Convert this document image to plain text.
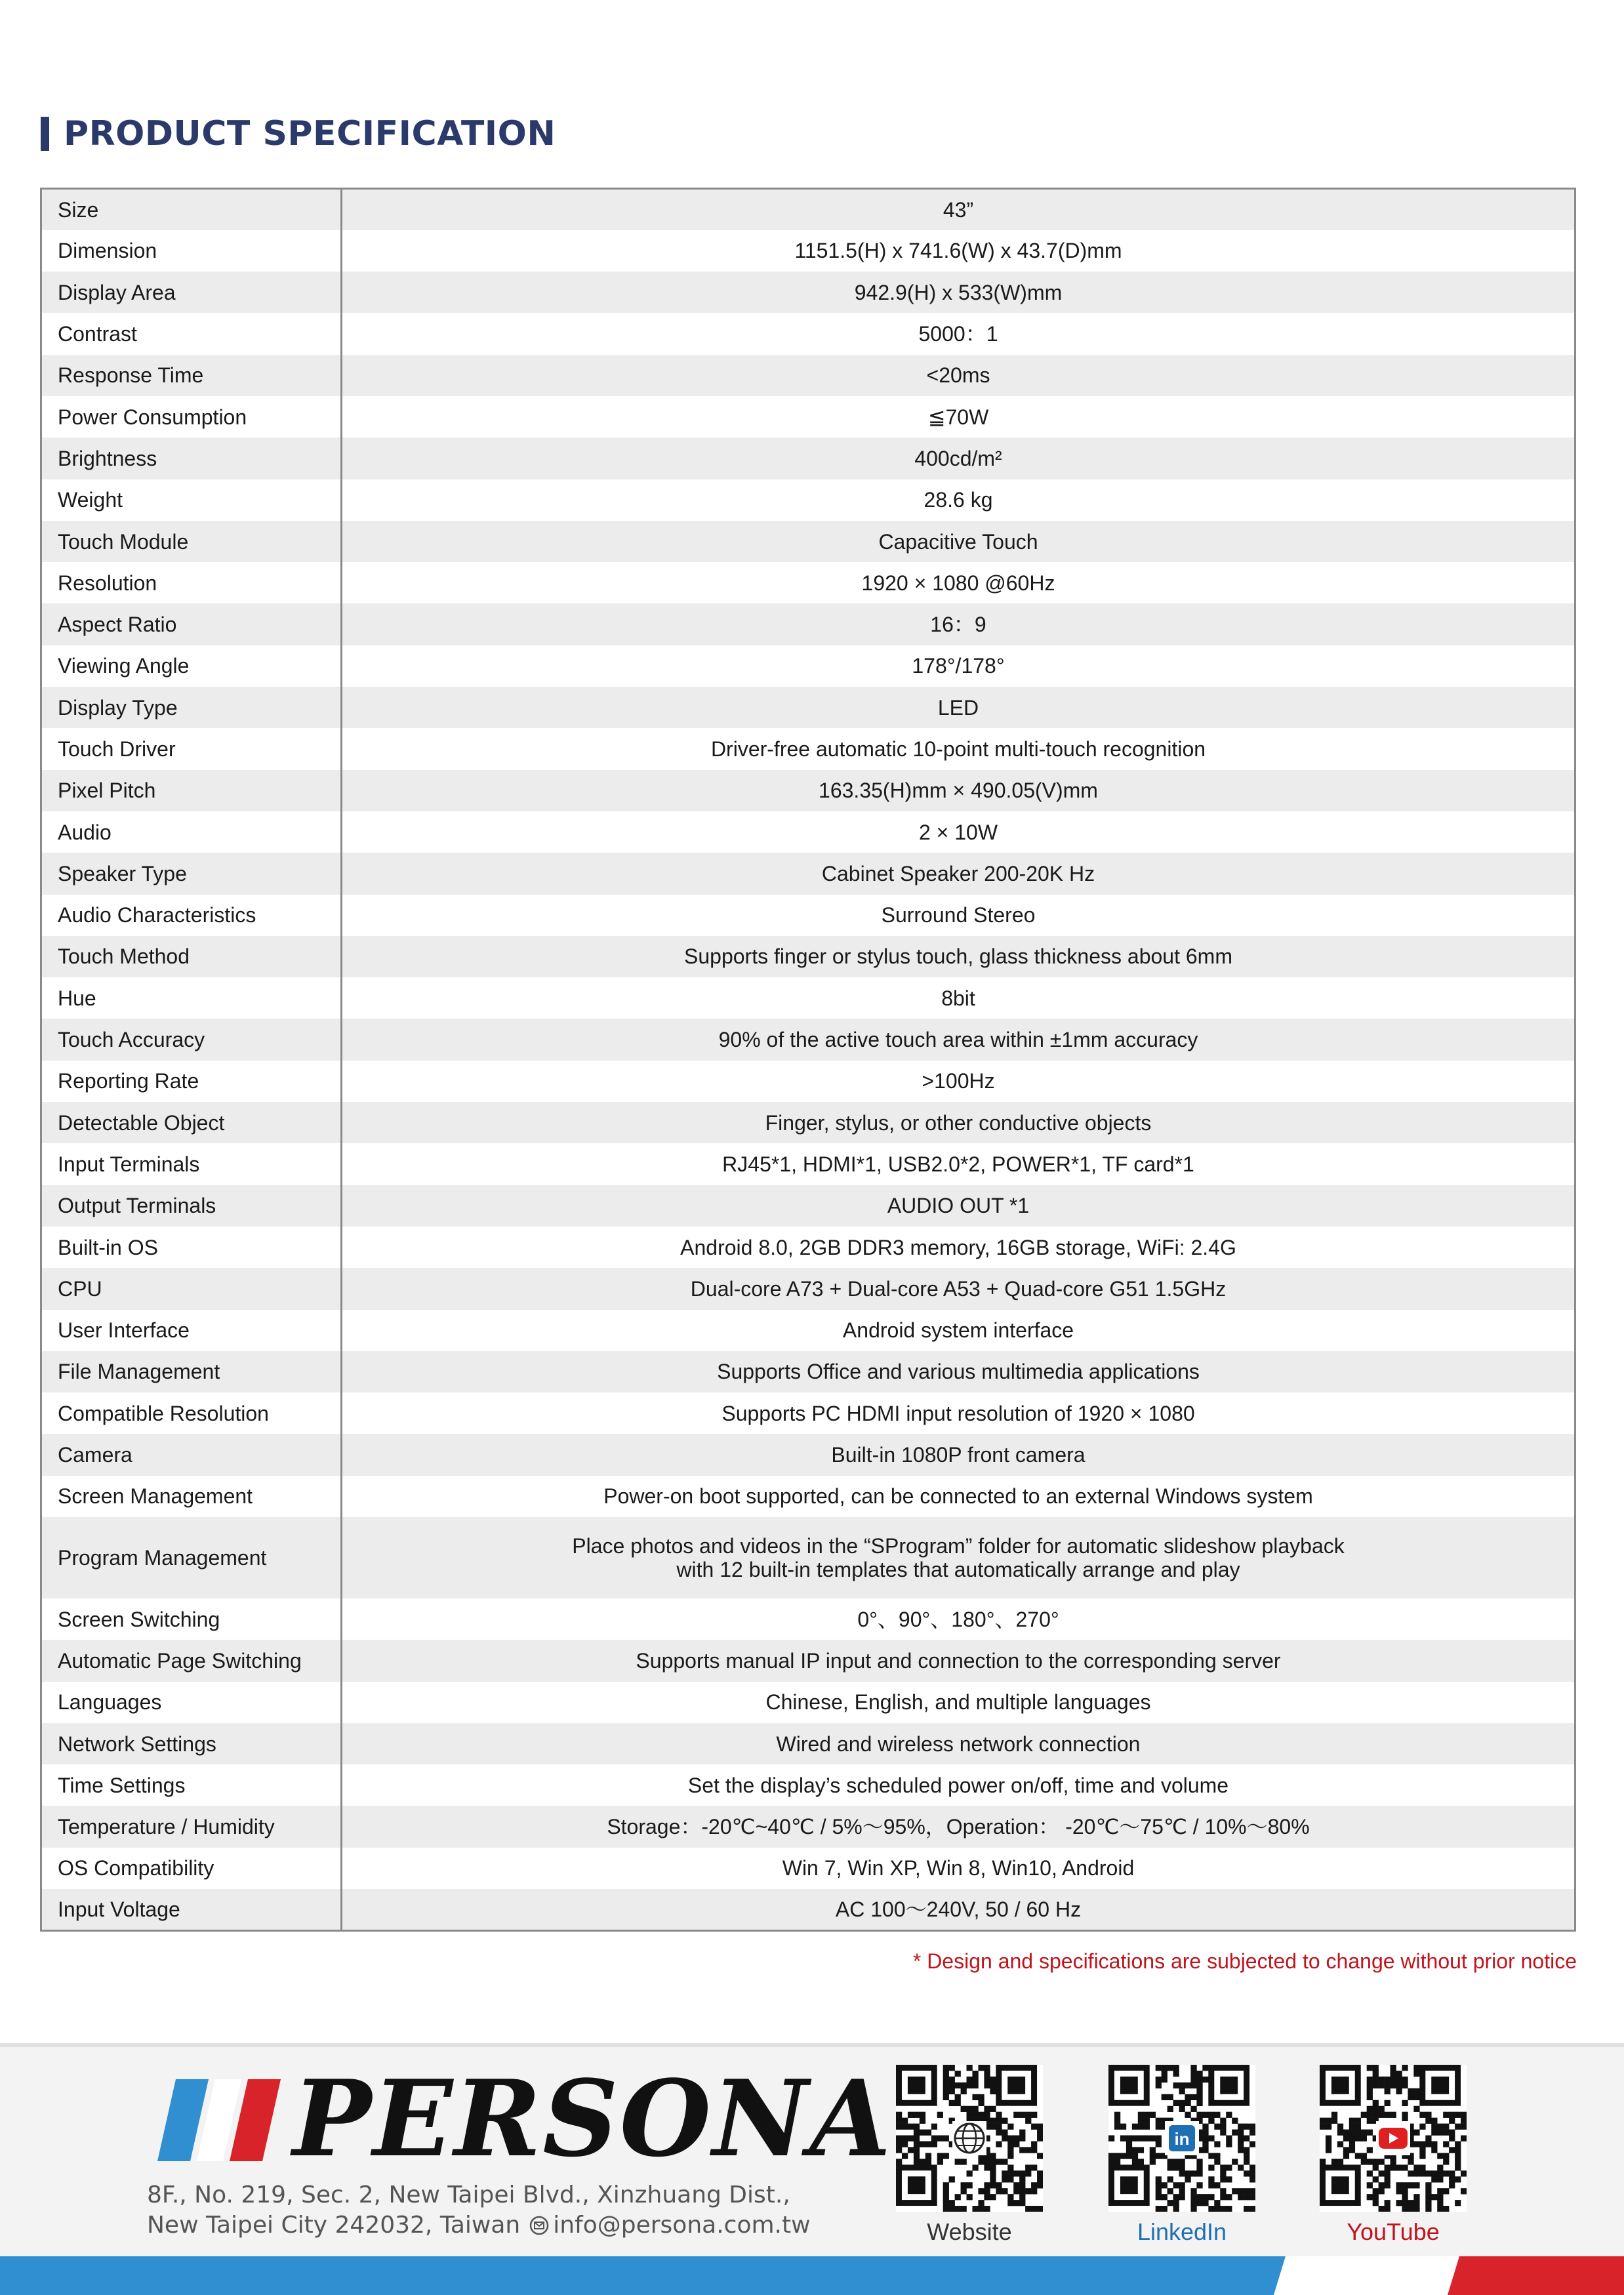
PRODUCT SPECIFICATION
Size	43”
Dimension	1151.5(H) x 741.6(W) x 43.7(D)mm
Display Area	942.9(H) x 533(W)mm
Contrast	5000：1
Response Time	<20ms
Power Consumption	≦70W
Brightness	400cd/m²
Weight	28.6 kg
Touch Module	Capacitive Touch
Resolution	1920 × 1080 @60Hz
Aspect Ratio	16：9
Viewing Angle	178°/178°
Display Type	LED
Touch Driver	Driver-free automatic 10-point multi-touch recognition
Pixel Pitch	163.35(H)mm × 490.05(V)mm
Audio	2 × 10W
Speaker Type	Cabinet Speaker 200-20K Hz
Audio Characteristics	Surround Stereo
Touch Method	Supports finger or stylus touch, glass thickness about 6mm
Hue	8bit
Touch Accuracy	90% of the active touch area within ±1mm accuracy
Reporting Rate	>100Hz
Detectable Object	Finger, stylus, or other conductive objects
Input Terminals	RJ45*1, HDMI*1, USB2.0*2, POWER*1, TF card*1
Output Terminals	AUDIO OUT *1
Built-in OS	Android 8.0, 2GB DDR3 memory, 16GB storage, WiFi: 2.4G
CPU	Dual-core A73 + Dual-core A53 + Quad-core G51 1.5GHz
User Interface	Android system interface
File Management	Supports Office and various multimedia applications
Compatible Resolution	Supports PC HDMI input resolution of 1920 × 1080
Camera	Built-in 1080P front camera
Screen Management	Power-on boot supported, can be connected to an external Windows system
Program Management	Place photos and videos in the “SProgram” folder for automatic slideshow playback
with 12 built-in templates that automatically arrange and play

Screen Switching	0°、90°、180°、270°
Automatic Page Switching	Supports manual IP input and connection to the corresponding server
Languages	Chinese, English, and multiple languages
Network Settings	Wired and wireless network connection
Time Settings	Set the display’s scheduled power on/off, time and volume
Temperature / Humidity	Storage：-20℃~40℃ / 5%～95%，Operation： -20℃～75℃ / 10%～80%
OS Compatibility	Win 7, Win XP, Win 8, Win10, Android
Input Voltage	AC 100～240V, 50 / 60 Hz
* Design and specifications are subjected to change without prior notice
PERSONA
8F., No. 219, Sec. 2, New Taipei Blvd., Xinzhuang Dist.,
New Taipei City 242032, Taiwan info@persona.com.tw	Website
in
LinkedIn	YouTube
